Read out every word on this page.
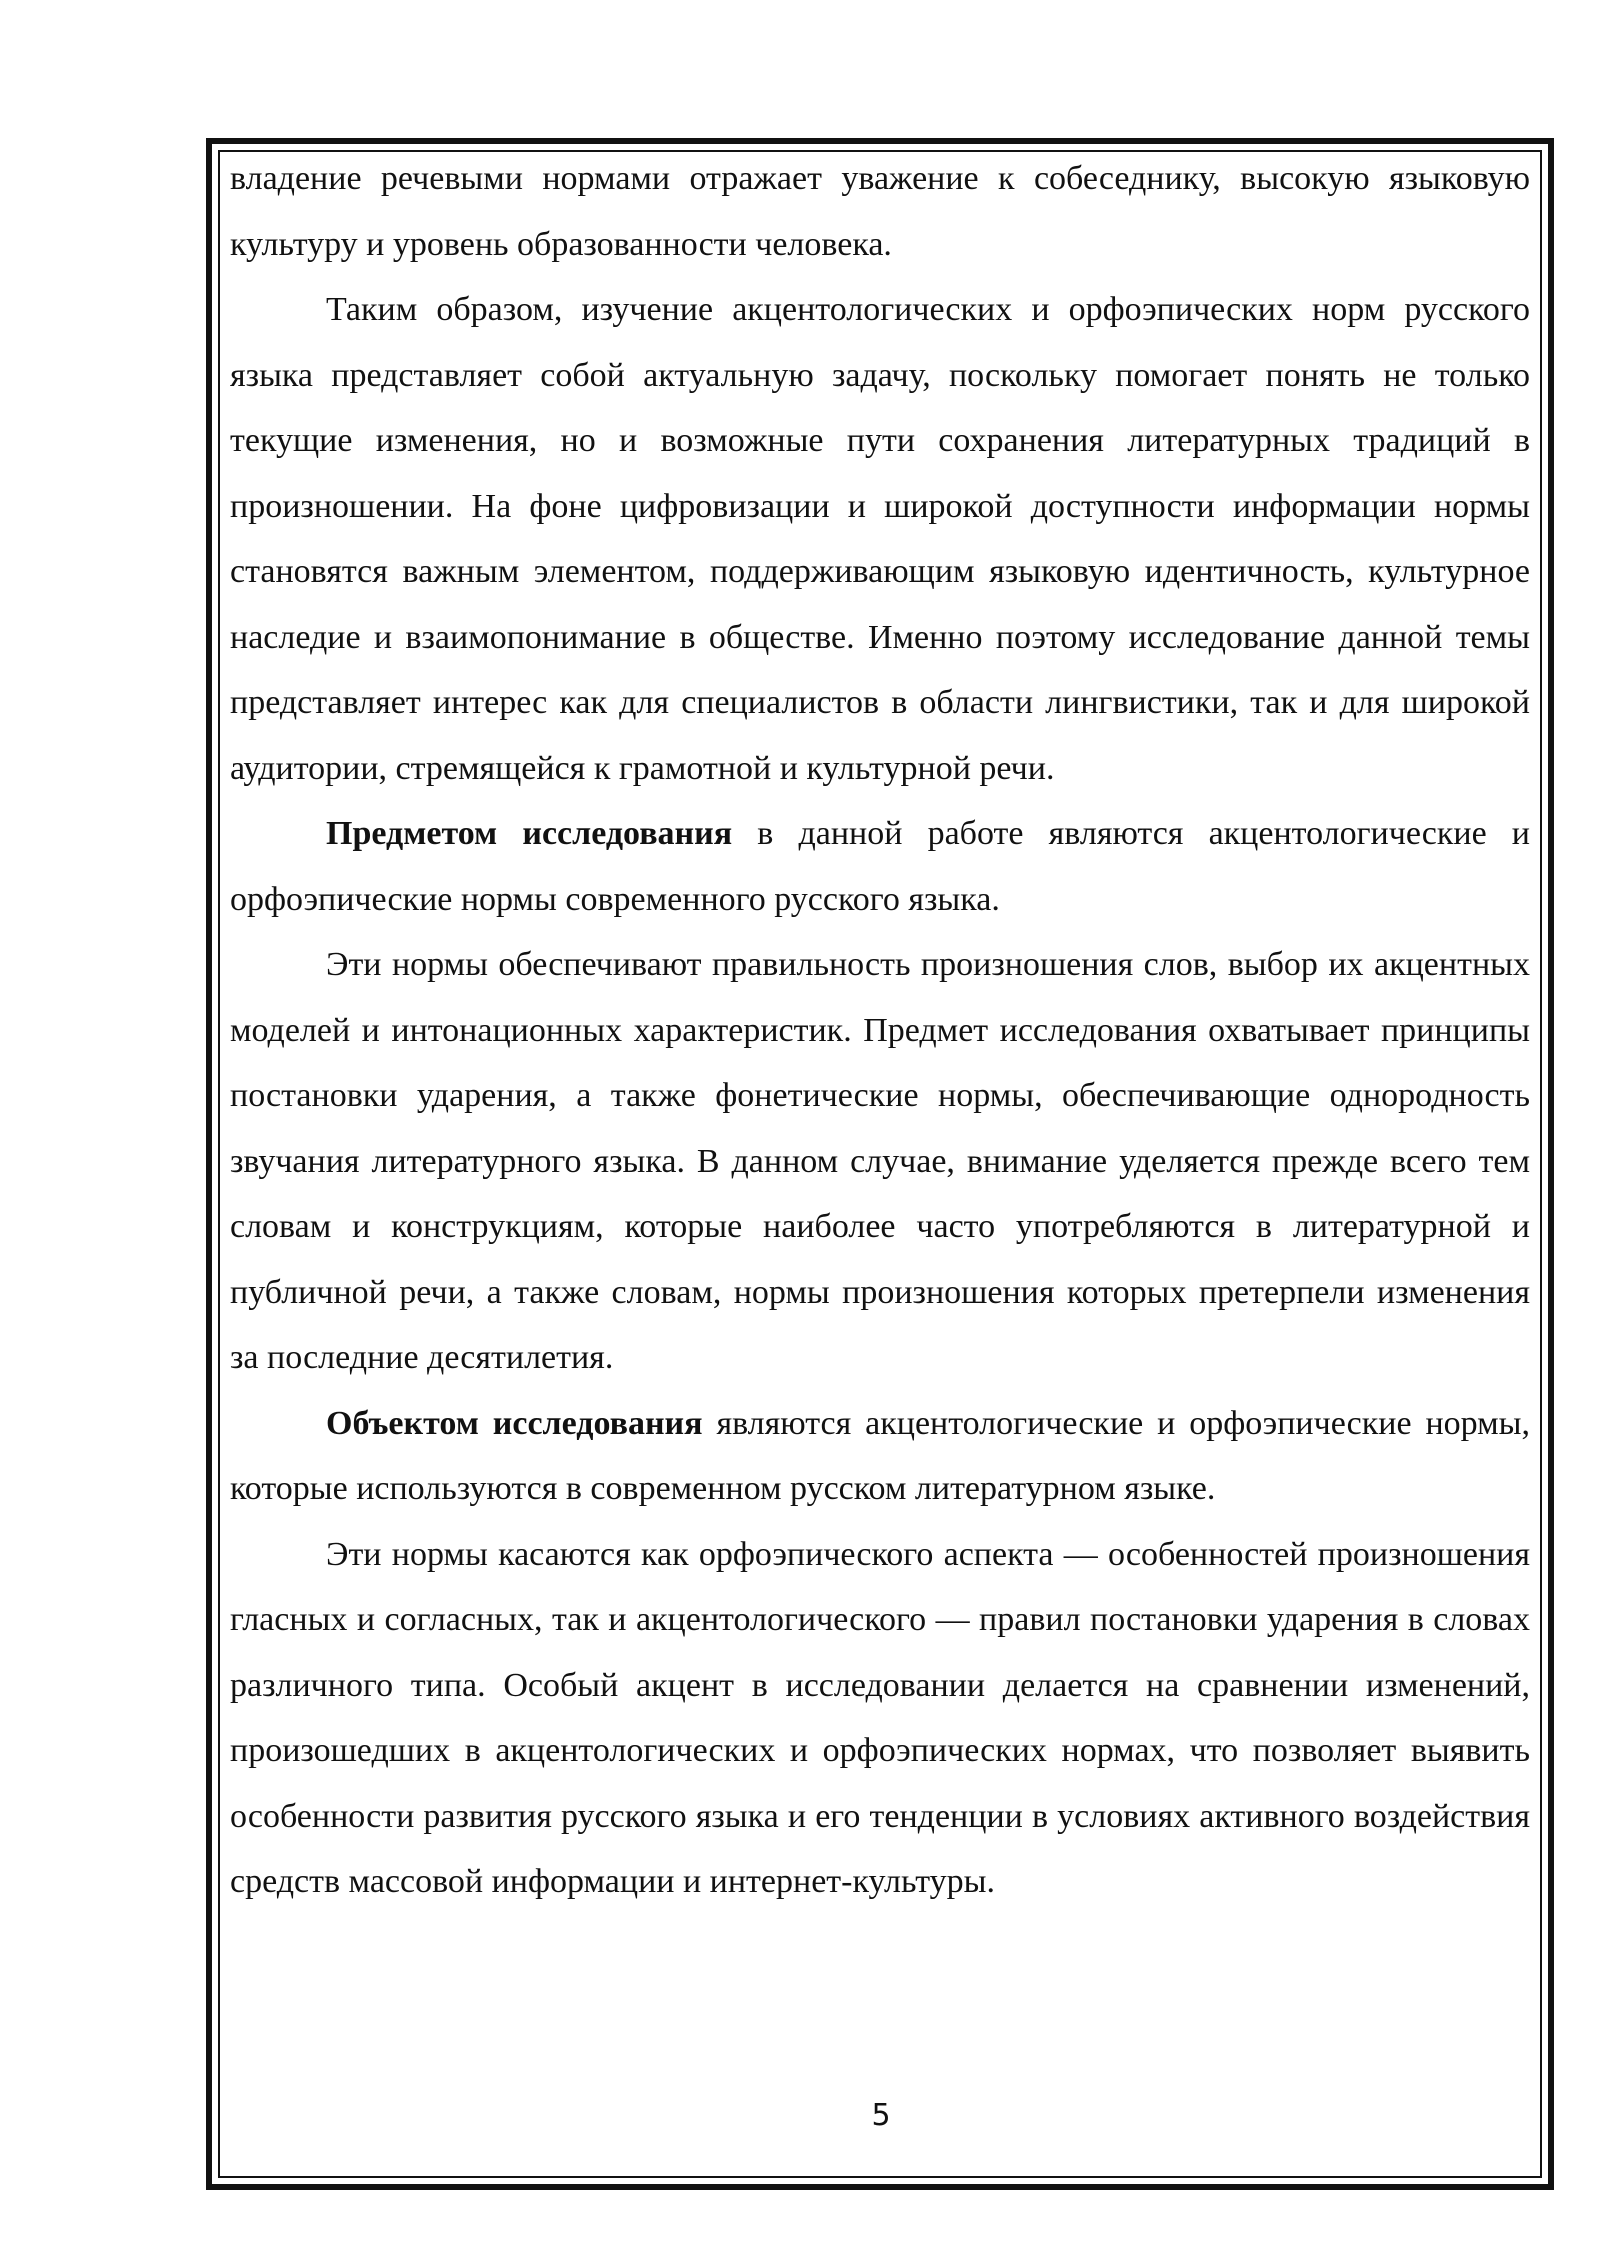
владение речевыми нормами отражает уважение к собеседнику, высокую языковую культуру и уровень образованности человека.

Таким образом, изучение акцентологических и орфоэпических норм русского языка представляет собой актуальную задачу, поскольку помогает понять не только текущие изменения, но и возможные пути сохранения литературных традиций в произношении. На фоне цифровизации и широкой доступности информации нормы становятся важным элементом, поддерживающим языковую идентичность, культурное наследие и взаимопонимание в обществе. Именно поэтому исследование данной темы представляет интерес как для специалистов в области лингвистики, так и для широкой аудитории, стремящейся к грамотной и культурной речи.

Предметом исследования в данной работе являются акцентологические и орфоэпические нормы современного русского языка.

Эти нормы обеспечивают правильность произношения слов, выбор их акцентных моделей и интонационных характеристик. Предмет исследования охватывает принципы постановки ударения, а также фонетические нормы, обеспечивающие однородность звучания литературного языка. В данном случае, внимание уделяется прежде всего тем словам и конструкциям, которые наиболее часто употребляются в литературной и публичной речи, а также словам, нормы произношения которых претерпели изменения за последние десятилетия.

Объектом исследования являются акцентологические и орфоэпические нормы, которые используются в современном русском литературном языке.

Эти нормы касаются как орфоэпического аспекта — особенностей произношения гласных и согласных, так и акцентологического — правил постановки ударения в словах различного типа. Особый акцент в исследовании делается на сравнении изменений, произошедших в акцентологических и орфоэпических нормах, что позволяет выявить особенности развития русского языка и его тенденции в условиях активного воздействия средств массовой информации и интернет-культуры.

5
